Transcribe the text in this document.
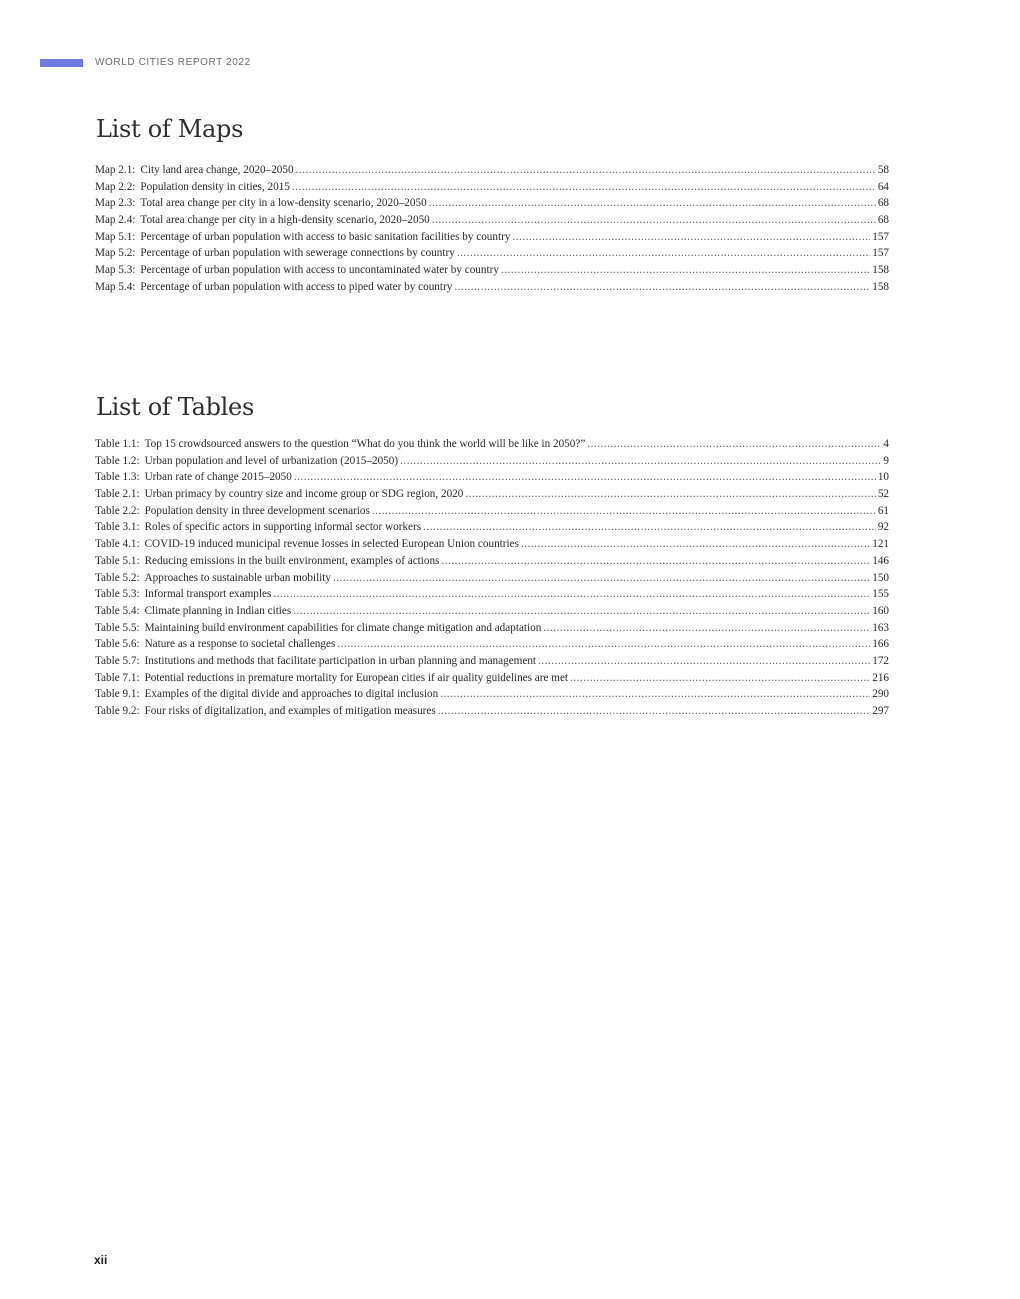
WORLD CITIES REPORT 2022
List of Maps
Map 2.1: City land area change, 2020–2050 .....	58
Map 2.2: Population density in cities, 2015 .....	64
Map 2.3: Total area change per city in a low-density scenario, 2020–2050 .....	68
Map 2.4: Total area change per city in a high-density scenario, 2020–2050 .....	68
Map 5.1: Percentage of urban population with access to basic sanitation facilities by country .....	157
Map 5.2: Percentage of urban population with sewerage connections by country .....	157
Map 5.3: Percentage of urban population with access to uncontaminated water by country .....	158
Map 5.4: Percentage of urban population with access to piped water by country .....	158
List of Tables
Table 1.1: Top 15 crowdsourced answers to the question “What do you think the world will be like in 2050?” .....	4
Table 1.2: Urban population and level of urbanization (2015–2050) .....	9
Table 1.3: Urban rate of change 2015–2050 .....	10
Table 2.1: Urban primacy by country size and income group or SDG region, 2020 .....	52
Table 2.2: Population density in three development scenarios .....	61
Table 3.1: Roles of specific actors in supporting informal sector workers .....	92
Table 4.1: COVID-19 induced municipal revenue losses in selected European Union countries .....	121
Table 5.1: Reducing emissions in the built environment, examples of actions .....	146
Table 5.2: Approaches to sustainable urban mobility .....	150
Table 5.3: Informal transport examples .....	155
Table 5.4: Climate planning in Indian cities .....	160
Table 5.5: Maintaining build environment capabilities for climate change mitigation and adaptation .....	163
Table 5.6: Nature as a response to societal challenges .....	166
Table 5.7: Institutions and methods that facilitate participation in urban planning and management .....	172
Table 7.1: Potential reductions in premature mortality for European cities if air quality guidelines are met .....	216
Table 9.1: Examples of the digital divide and approaches to digital inclusion .....	290
Table 9.2: Four risks of digitalization, and examples of mitigation measures .....	297
xii
